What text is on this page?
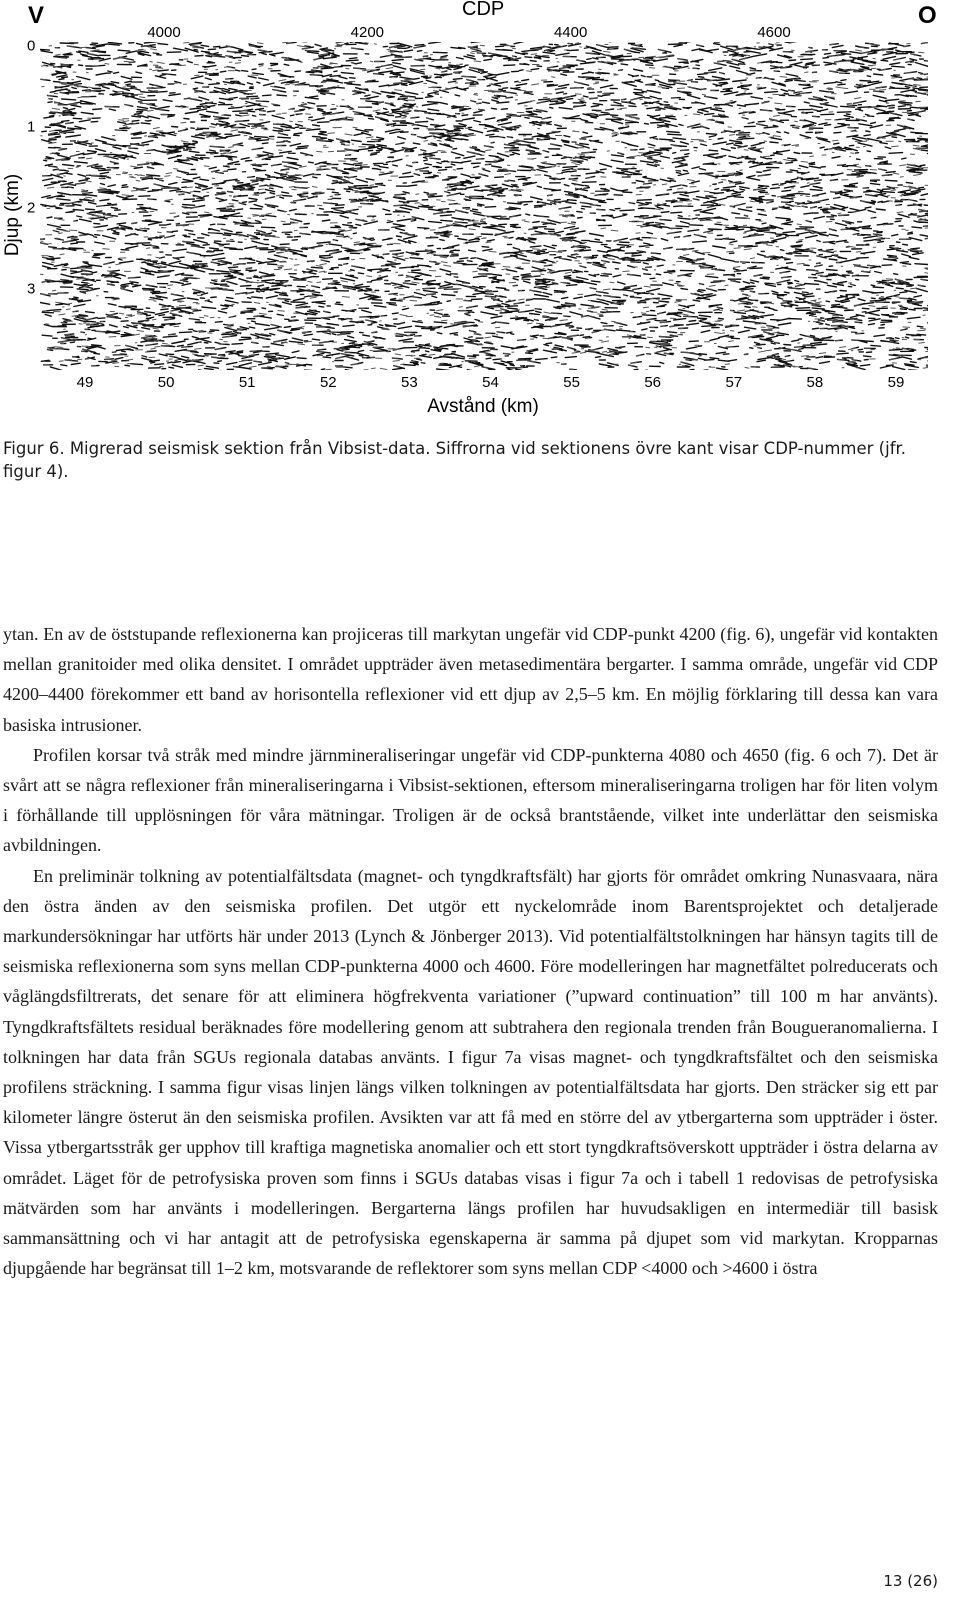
V	O
CDP
4000	4200	4400	4600
0
1
2
3
49	50	51	52	53	54	55	56	57	58	59
Djup (km)
Avstånd (km)
Figur 6. Migrerad seismisk sektion från Vibsist-data. Siffrorna vid sektionens övre kant visar CDP-nummer (jfr. figur 4).

ytan. En av de öststupande reflexionerna kan projiceras till markytan ungefär vid CDP-punkt 4200 (fig. 6), ungefär vid kontakten mellan granitoider med olika densitet. I området uppträder även metasedimentära bergarter. I samma område, ungefär vid CDP 4200–4400 förekommer ett band av horisontella reflexioner vid ett djup av 2,5–5 km. En möjlig förklaring till dessa kan vara basiska intrusioner.

Profilen korsar två stråk med mindre järnmineraliseringar ungefär vid CDP-punkterna 4080 och 4650 (fig. 6 och 7). Det är svårt att se några reflexioner från mineraliseringarna i Vibsist-sektionen, eftersom mineraliseringarna troligen har för liten volym i förhållande till upplösningen för våra mätningar. Troligen är de också brantstående, vilket inte underlättar den seismiska avbildningen.

En preliminär tolkning av potentialfältsdata (magnet- och tyngdkraftsfält) har gjorts för området omkring Nunasvaara, nära den östra änden av den seismiska profilen. Det utgör ett nyckelområde inom Barentsprojektet och detaljerade markundersökningar har utförts här under 2013 (Lynch & Jönberger 2013). Vid potentialfältstolkningen har hänsyn tagits till de seismiska reflexionerna som syns mellan CDP-punkterna 4000 och 4600. Före modelleringen har magnetfältet polreducerats och våglängdsfiltrerats, det senare för att eliminera högfrekventa variationer (”upward continuation” till 100 m har använts). Tyngdkraftsfältets residual beräknades före modellering genom att subtrahera den regionala trenden från Bougueranomalierna. I tolkningen har data från SGUs regionala databas använts. I figur 7a visas magnet- och tyngdkraftsfältet och den seismiska profilens sträckning. I samma figur visas linjen längs vilken tolkningen av potentialfältsdata har gjorts. Den sträcker sig ett par kilometer längre österut än den seismiska profilen. Avsikten var att få med en större del av ytbergarterna som uppträder i öster. Vissa ytbergartsstråk ger upphov till kraftiga magnetiska anomalier och ett stort tyngdkraftsöverskott uppträder i östra delarna av området. Läget för de petrofysiska proven som finns i SGUs databas visas i figur 7a och i tabell 1 redovisas de petrofysiska mätvärden som har använts i modelleringen. Bergarterna längs profilen har huvudsakligen en intermediär till basisk sammansättning och vi har antagit att de petrofysiska egenskaperna är samma på djupet som vid markytan. Kropparnas djupgående har begränsat till 1–2 km, motsvarande de reflektorer som syns mellan CDP <4000 och >4600 i östra

13 (26)
